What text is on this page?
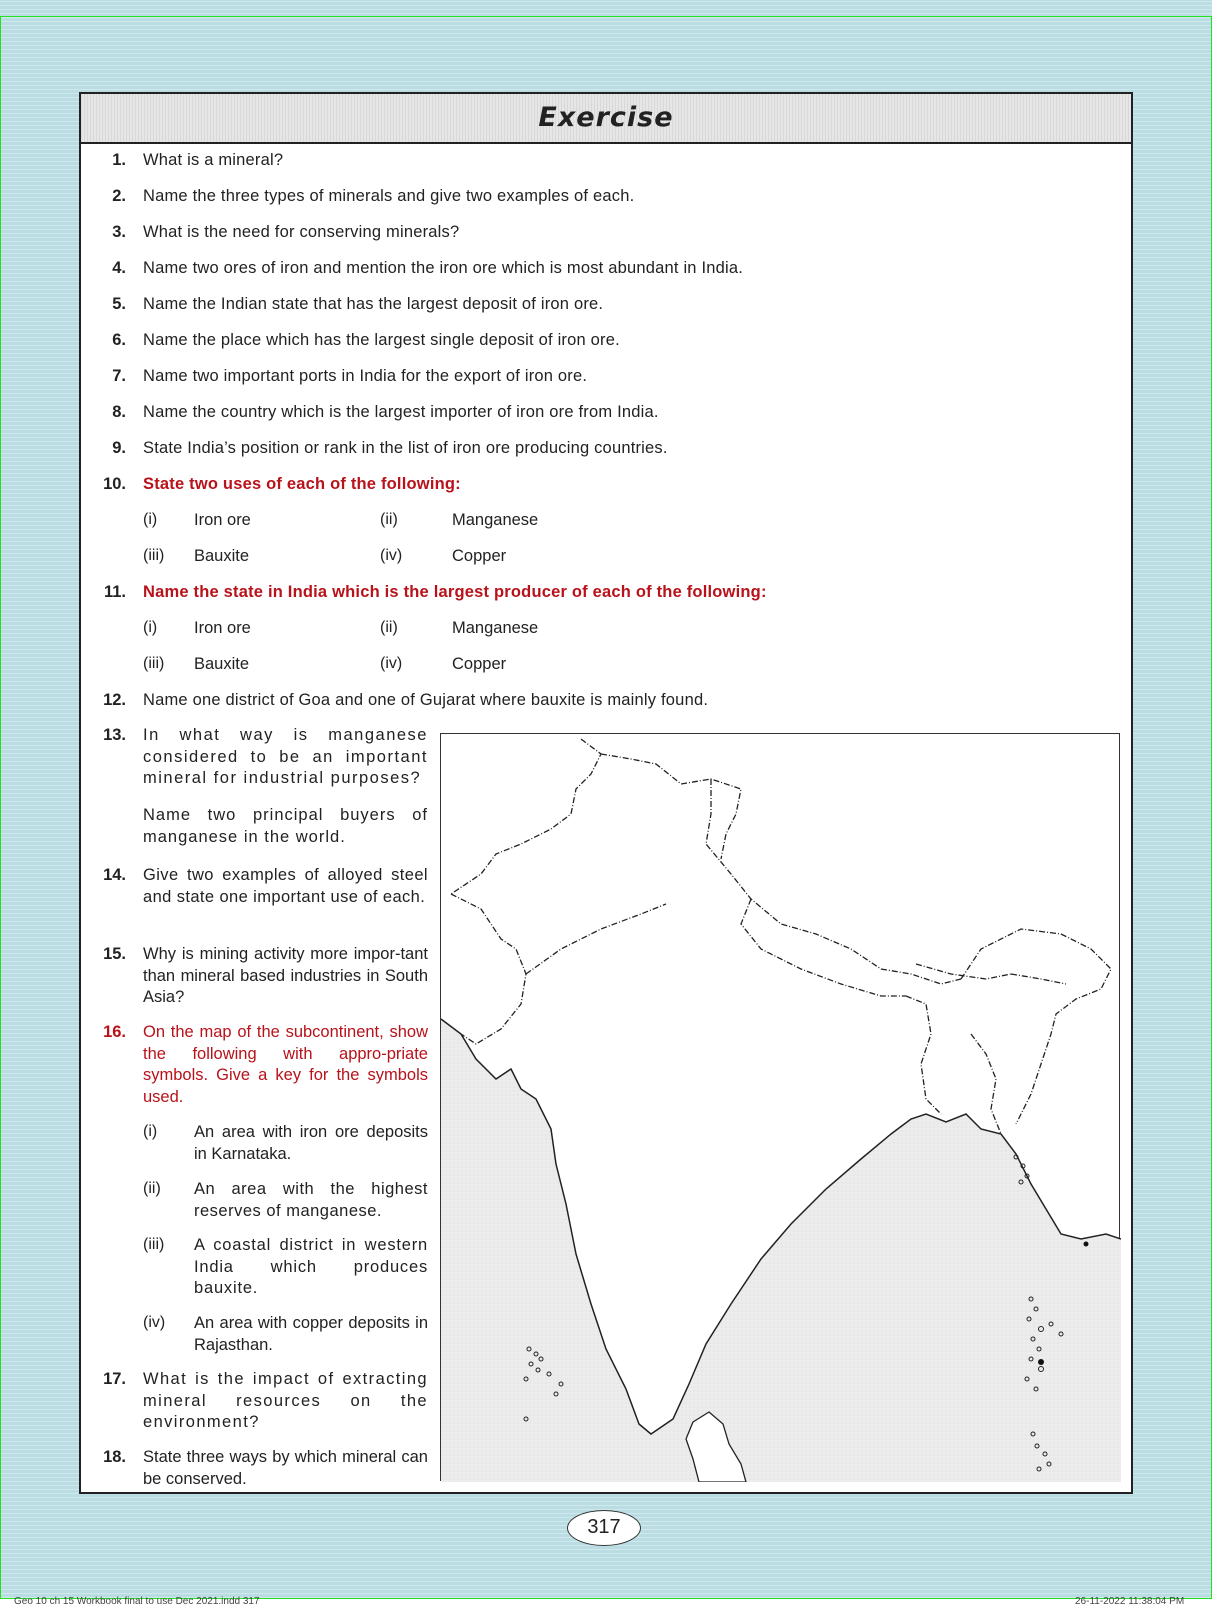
Exercise
1. What is a mineral?
2. Name the three types of minerals and give two examples of each.
3. What is the need for conserving minerals?
4. Name two ores of iron and mention the iron ore which is most abundant in India.
5. Name the Indian state that has the largest deposit of iron ore.
6. Name the place which has the largest single deposit of iron ore.
7. Name two important ports in India for the export of iron ore.
8. Name the country which is the largest importer of iron ore from India.
9. State India’s position or rank in the list of iron ore producing countries.
10. State two uses of each of the following:
(i) Iron ore	(ii)	Manganese
(iii) Bauxite	(iv)	Copper
11. Name the state in India which is the largest producer of each of the following:
(i) Iron ore	(ii)	Manganese
(iii) Bauxite	(iv)	Copper
12. Name one district of Goa and one of Gujarat where bauxite is mainly found.
13. In what way is manganese considered to be an important mineral for industrial purposes?
Name two principal buyers of manganese in the world.
14. Give two examples of alloyed steel and state one important use of each.
15. Why is mining activity more impor-tant than mineral based industries in South Asia?
16. On the map of the subcontinent, show the following with appro-priate symbols. Give a key for the symbols used.
(i) An area with iron ore deposits in Karnataka.
(ii) An area with the highest reserves of manganese.
(iii) A coastal district in western India which produces bauxite.
(iv) An area with copper deposits in Rajasthan.
17. What is the impact of extracting mineral resources on the environment?
18. State three ways by which mineral can be conserved.
317
Geo 10 ch 15 Workbook final to use Dec 2021.indd 317	26-11-2022 11:38:04 PM
